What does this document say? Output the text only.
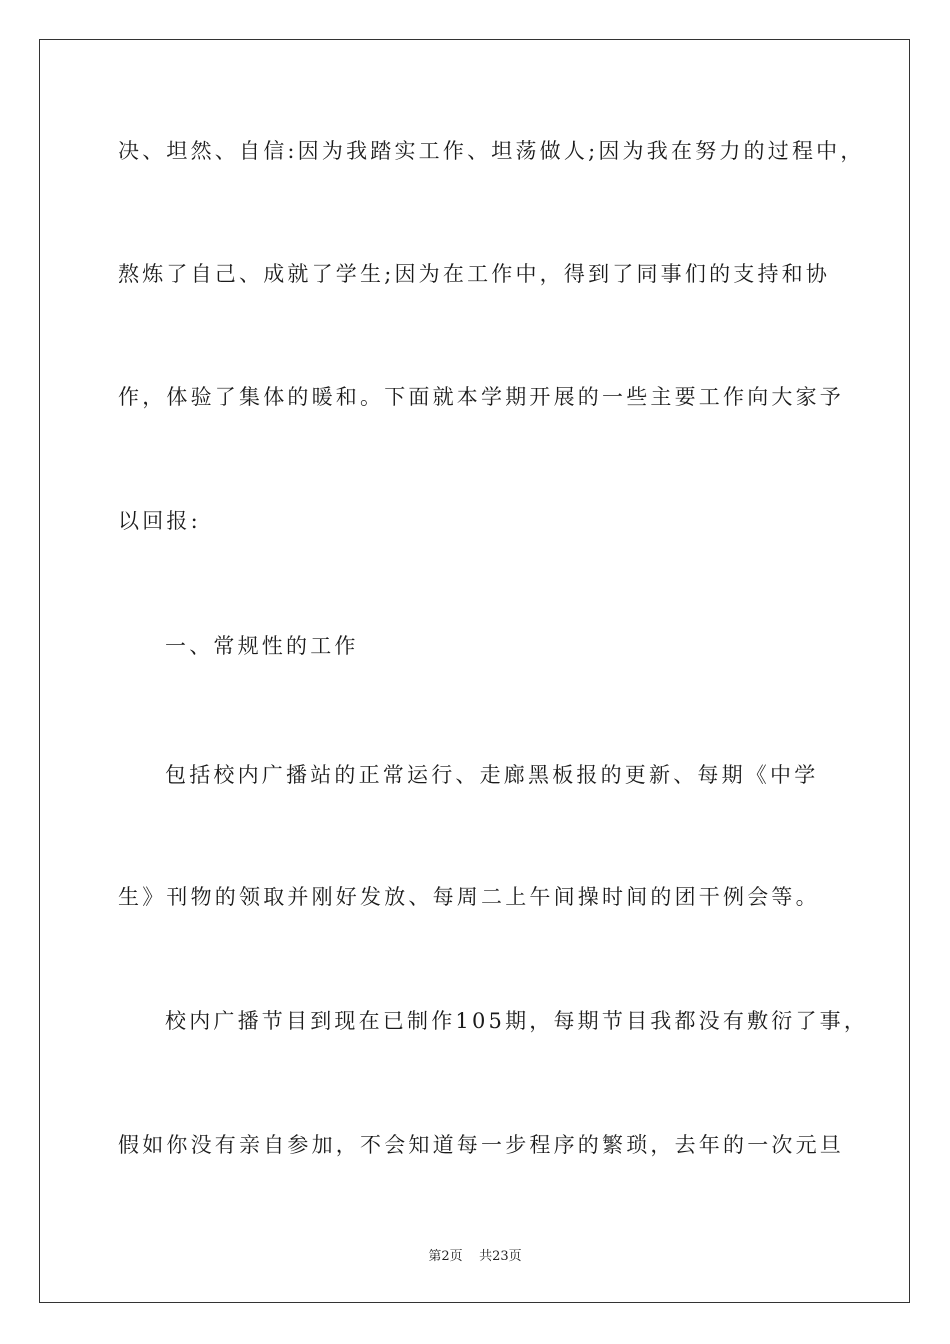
决、坦然、自信:因为我踏实工作、坦荡做人;因为我在努力的过程中，
熬炼了自己、成就了学生;因为在工作中，得到了同事们的支持和协
作，体验了集体的暖和。下面就本学期开展的一些主要工作向大家予
以回报:
一、常规性的工作
包括校内广播站的正常运行、走廊黑板报的更新、每期《中学
生》刊物的领取并刚好发放、每周二上午间操时间的团干例会等。
校内广播节目到现在已制作105期，每期节目我都没有敷衍了事，
假如你没有亲自参加，不会知道每一步程序的繁琐，去年的一次元旦
第2页    共23页
